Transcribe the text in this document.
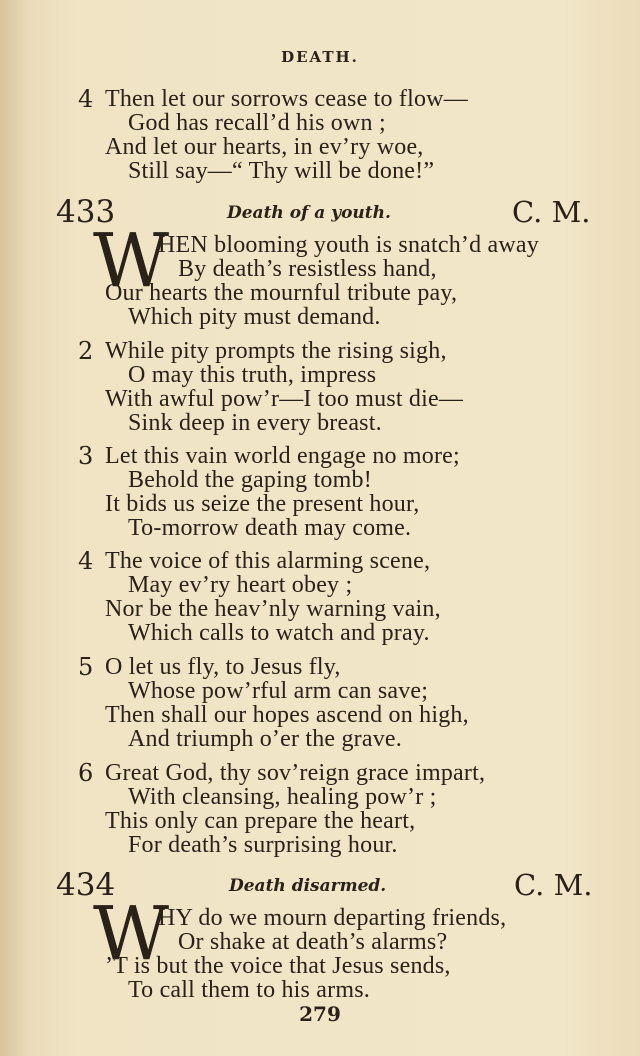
DEATH.
4 Then let our sorrows cease to flow—
God has recall’d his own ;
And let our hearts, in ev’ry woe,
Still say—“ Thy will be done!”
433	Death of a youth.	C. M.
W
HEN blooming youth is snatch’d away
By death’s resistless hand,
Our hearts the mournful tribute pay,
Which pity must demand.
2 While pity prompts the rising sigh,
O may this truth, impress
With awful pow’r—I too must die—
Sink deep in every breast.
3 Let this vain world engage no more;
Behold the gaping tomb!
It bids us seize the present hour,
To-morrow death may come.
4 The voice of this alarming scene,
May ev’ry heart obey ;
Nor be the heav’nly warning vain,
Which calls to watch and pray.
5 O let us fly, to Jesus fly,
Whose pow’rful arm can save;
Then shall our hopes ascend on high,
And triumph o’er the grave.
6 Great God, thy sov’reign grace impart,
With cleansing, healing pow’r ;
This only can prepare the heart,
For death’s surprising hour.
434	Death disarmed.	C. M.
W
HY do we mourn departing friends,
Or shake at death’s alarms?
’T is but the voice that Jesus sends,
To call them to his arms.
279
